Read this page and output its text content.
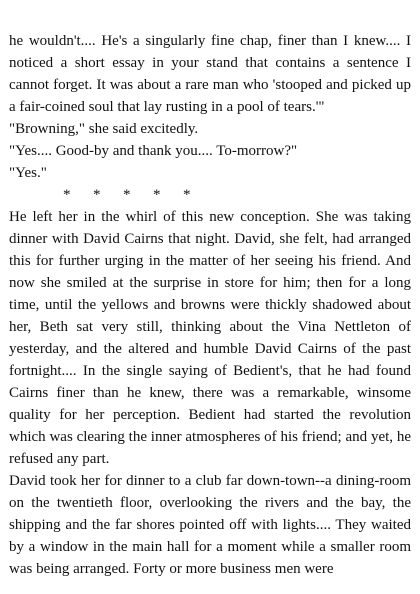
he wouldn't.... He's a singularly fine chap, finer than I knew.... I noticed a short essay in your stand that contains a sentence I cannot forget. It was about a rare man who 'stooped and picked up a fair-coined soul that lay rusting in a pool of tears.'"

"Browning," she said excitedly.

"Yes.... Good-by and thank you.... To-morrow?"

"Yes."

*      *      *      *      *

He left her in the whirl of this new conception. She was taking dinner with David Cairns that night. David, she felt, had arranged this for further urging in the matter of her seeing his friend. And now she smiled at the surprise in store for him; then for a long time, until the yellows and browns were thickly shadowed about her, Beth sat very still, thinking about the Vina Nettleton of yesterday, and the altered and humble David Cairns of the past fortnight.... In the single saying of Bedient's, that he had found Cairns finer than he knew, there was a remarkable, winsome quality for her perception. Bedient had started the revolution which was clearing the inner atmospheres of his friend; and yet, he refused any part.

David took her for dinner to a club far down-town--a dining-room on the twentieth floor, overlooking the rivers and the bay, the shipping and the far shores pointed off with lights.... They waited by a window in the main hall for a moment while a smaller room was being arranged. Forty or more business men were
